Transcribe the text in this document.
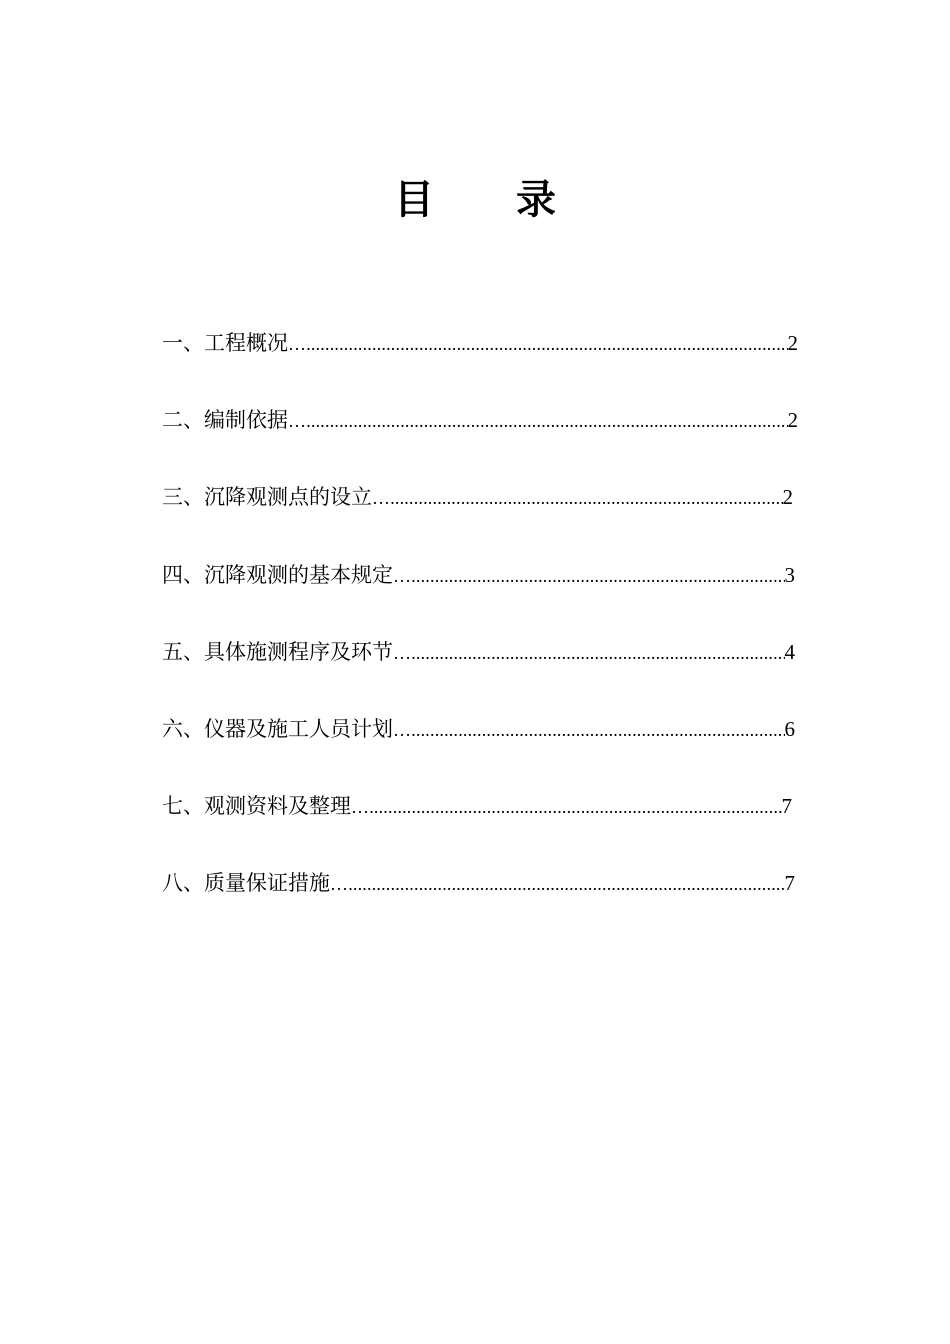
目 录
一、工程概况 …..............................................................................................................................................................................................................	2
二、编制依据 …..............................................................................................................................................................................................................	2
三、沉降观测点的设立 …..............................................................................................................................................................................................................	2
四、沉降观测的基本规定 …..............................................................................................................................................................................................................	3
五、具体施测程序及环节 …..............................................................................................................................................................................................................	4
六、仪器及施工人员计划 …..............................................................................................................................................................................................................	6
七、观测资料及整理 …..............................................................................................................................................................................................................	7
八、质量保证措施 …..............................................................................................................................................................................................................	7
